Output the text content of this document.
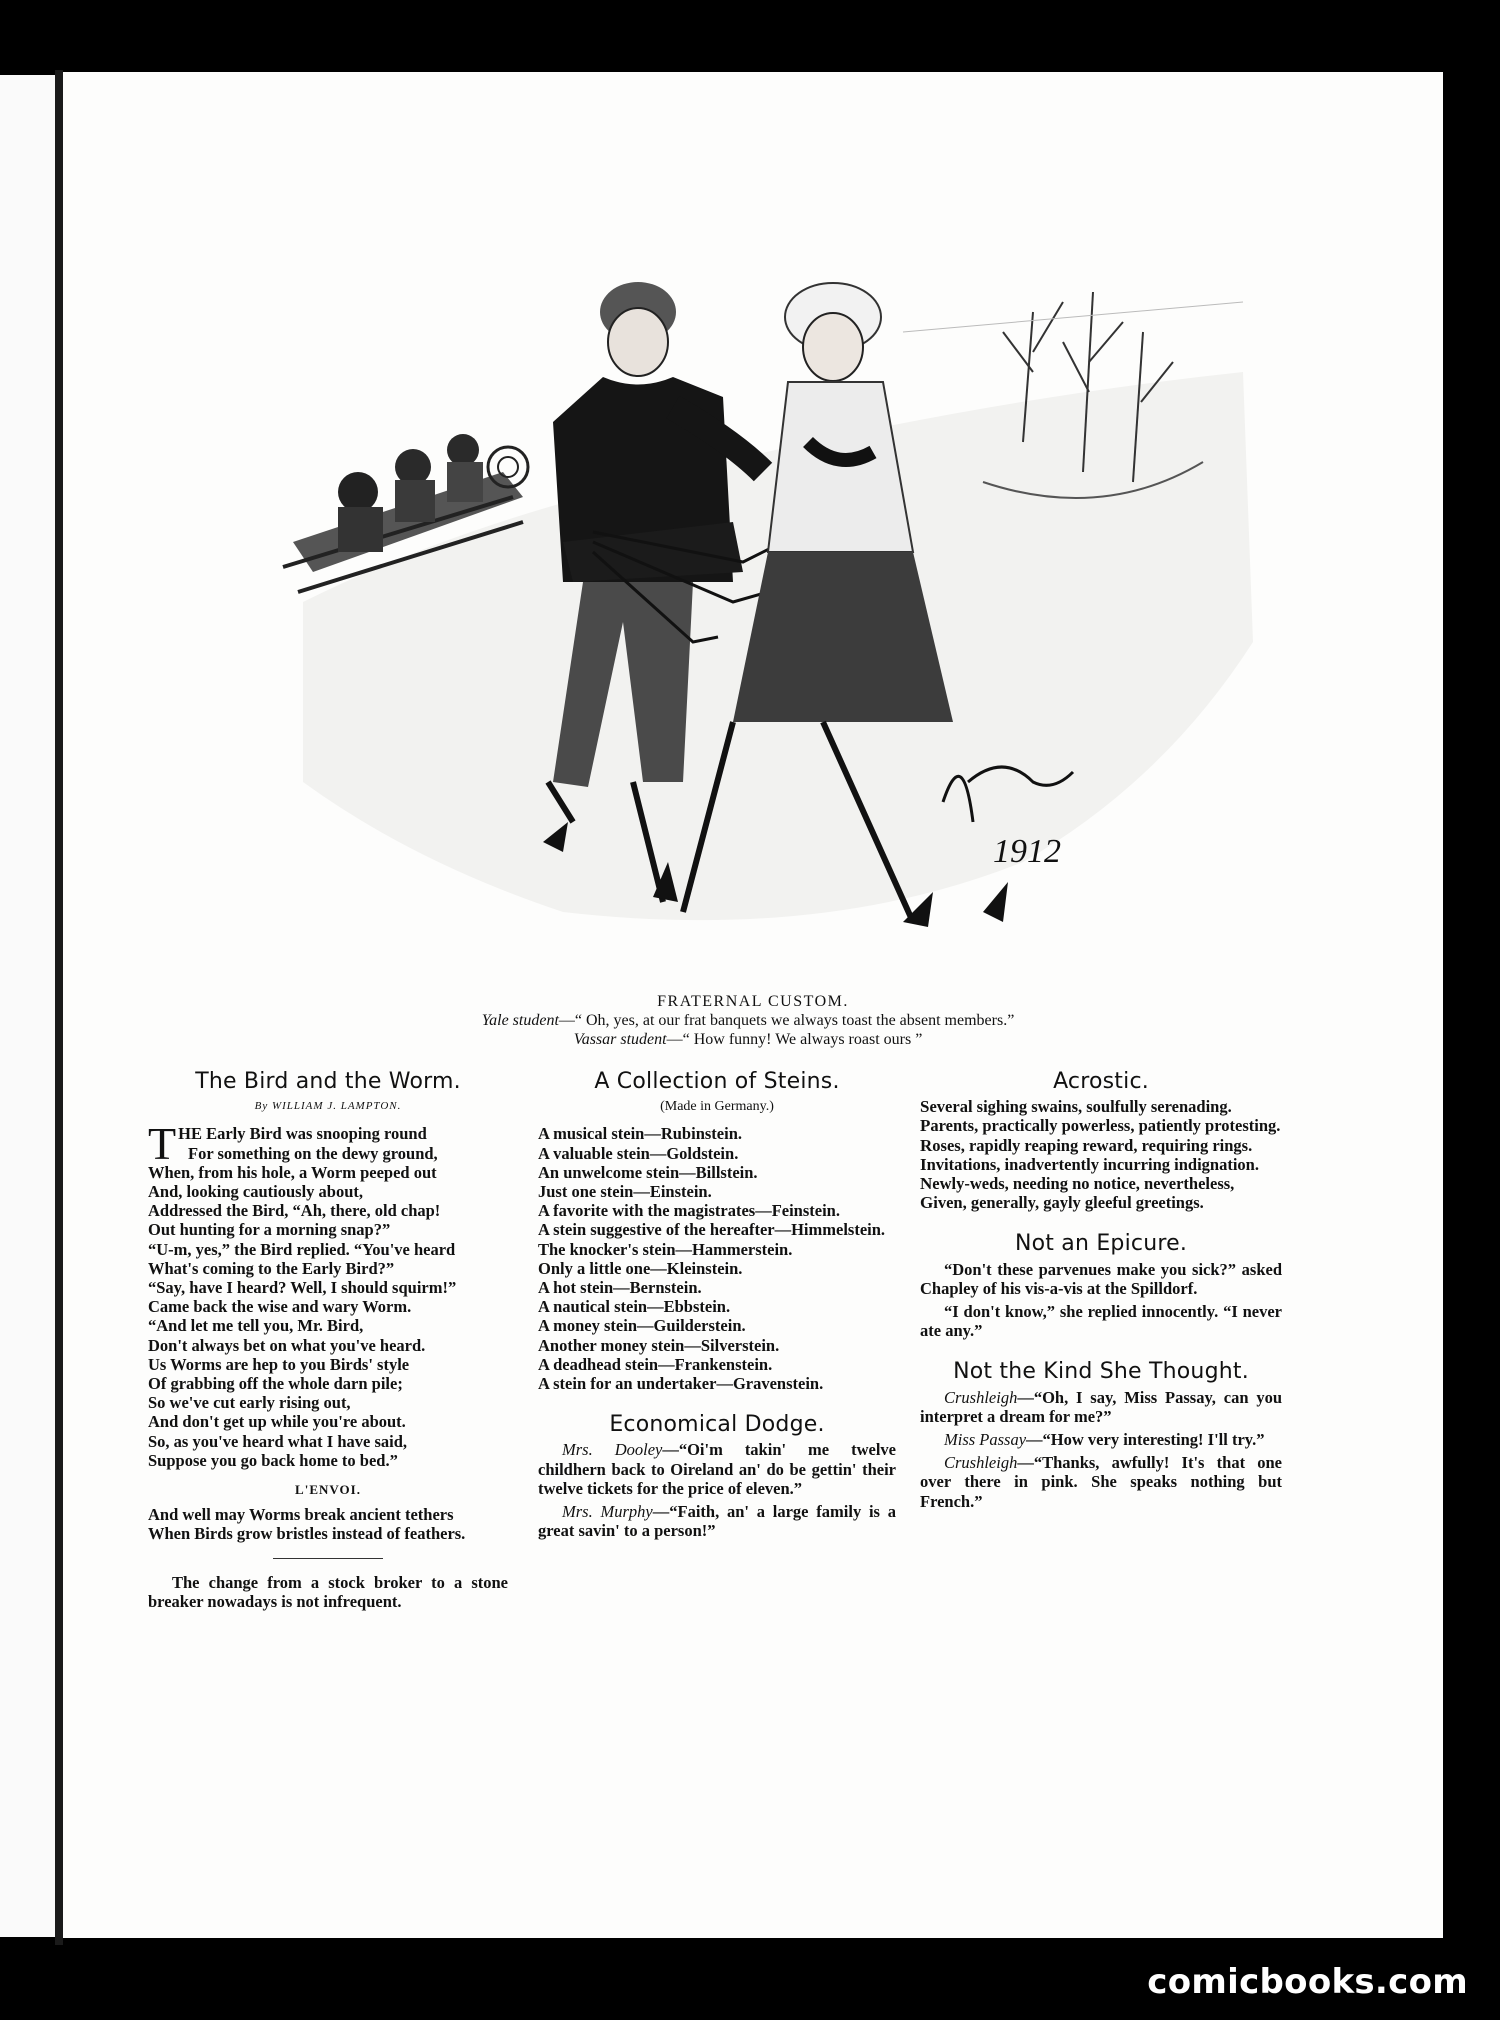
1912
FRATERNAL CUSTOM.
Yale student—“ Oh, yes, at our frat banquets we always toast the absent members.”
Vassar student—“ How funny! We always roast ours ”
The Bird and the Worm.
By WILLIAM J. LAMPTON.

THE Early Bird was snooping round

For something on the dewy ground,

When, from his hole, a Worm peeped out

And, looking cautiously about,

Addressed the Bird, “Ah, there, old chap!

Out hunting for a morning snap?”

“U-m, yes,” the Bird replied. “You've heard

What's coming to the Early Bird?”

“Say, have I heard? Well, I should squirm!”

Came back the wise and wary Worm.

“And let me tell you, Mr. Bird,

Don't always bet on what you've heard.

Us Worms are hep to you Birds' style

Of grabbing off the whole darn pile;

So we've cut early rising out,

And don't get up while you're about.

So, as you've heard what I have said,

Suppose you go back home to bed.”

L'ENVOI.

And well may Worms break ancient tethers

When Birds grow bristles instead of feathers.

The change from a stock broker to a stone breaker nowadays is not infrequent.

A Collection of Steins.
(Made in Germany.)

A musical stein—Rubinstein.

A valuable stein—Goldstein.

An unwelcome stein—Billstein.

Just one stein—Einstein.

A favorite with the magistrates—Feinstein.

A stein suggestive of the hereafter—Himmelstein.

The knocker's stein—Hammerstein.

Only a little one—Kleinstein.

A hot stein—Bernstein.

A nautical stein—Ebbstein.

A money stein—Guilderstein.

Another money stein—Silverstein.

A deadhead stein—Frankenstein.

A stein for an undertaker—Gravenstein.

Economical Dodge.

Mrs. Dooley—“Oi'm takin' me twelve childhern back to Oireland an' do be gettin' their twelve tickets for the price of eleven.”

Mrs. Murphy—“Faith, an' a large family is a great savin' to a person!”

Acrostic.

Several sighing swains, soulfully serenading.

Parents, practically powerless, patiently protesting.

Roses, rapidly reaping reward, requiring rings.

Invitations, inadvertently incurring indignation.

Newly-weds, needing no notice, nevertheless,

Given, generally, gayly gleeful greetings.

Not an Epicure.

“Don't these parvenues make you sick?” asked Chapley of his vis-a-vis at the Spilldorf.

“I don't know,” she replied innocently. “I never ate any.”

Not the Kind She Thought.

Crushleigh—“Oh, I say, Miss Passay, can you interpret a dream for me?”

Miss Passay—“How very interesting! I'll try.”

Crushleigh—“Thanks, awfully! It's that one over there in pink. She speaks nothing but French.”

comicbooks.com
